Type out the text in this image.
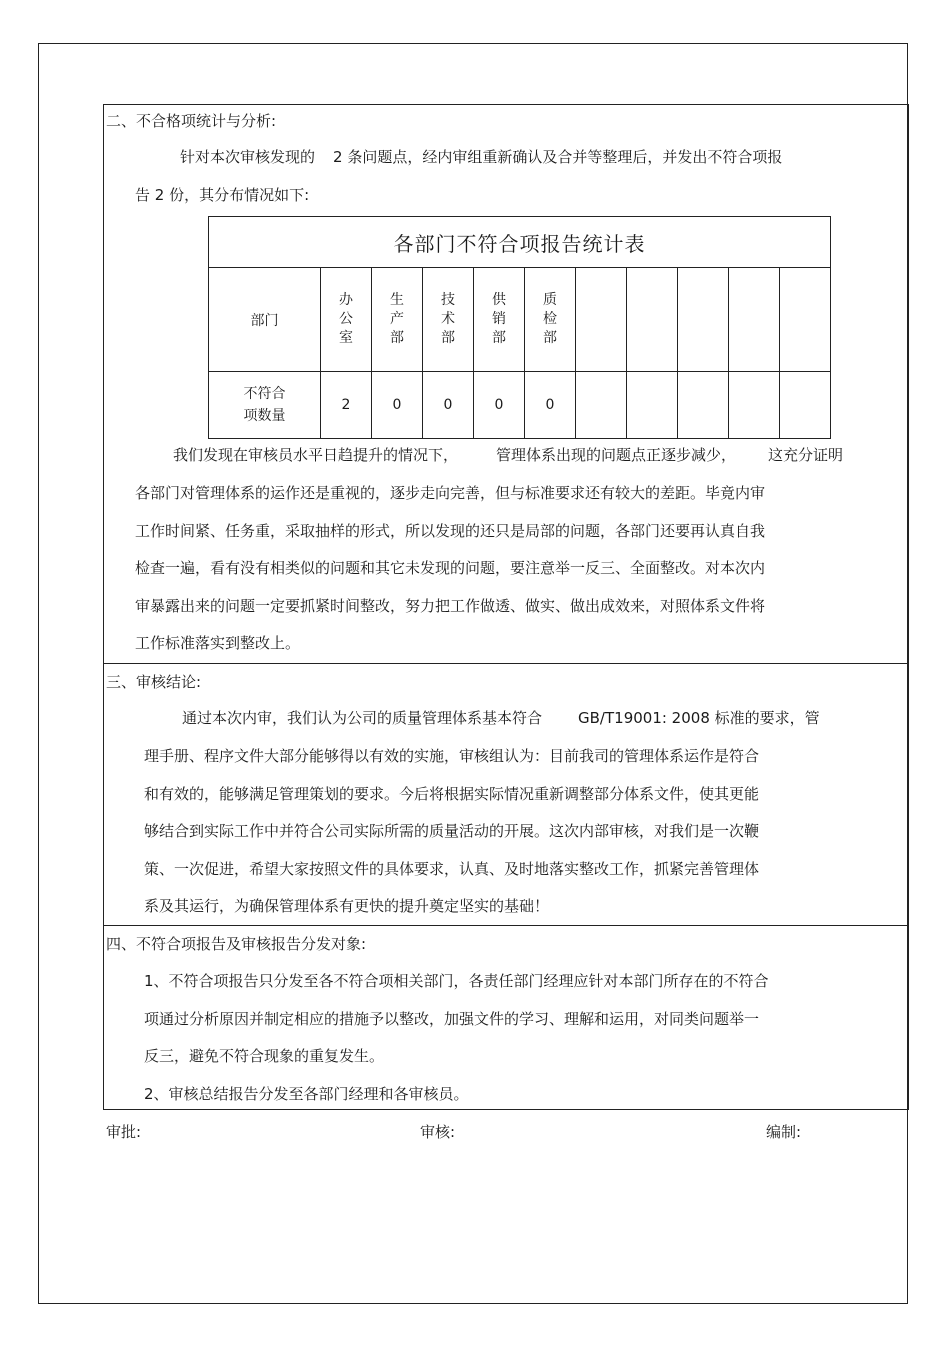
二、不合格项统计与分析:
针对本次审核发现的 2 条问题点，经内审组重新确认及合并等整理后，并发出不符合项报
告 2 份，其分布情况如下:
各部门不符合项报告统计表										
部门	办公室	生产部	技术部	供销部	质检部					
不符合
项数量	2	0	0	0	0					
我们发现在审核员水平日趋提升的情况下，	管理体系出现的问题点正逐步减少， 这充分证明
各部门对管理体系的运作还是重视的，逐步走向完善，但与标准要求还有较大的差距。毕竟内审
工作时间紧、任务重，采取抽样的形式，所以发现的还只是局部的问题，各部门还要再认真自我
检查一遍，看有没有相类似的问题和其它未发现的问题，要注意举一反三、全面整改。对本次内
审暴露出来的问题一定要抓紧时间整改，努力把工作做透、做实、做出成效来，对照体系文件将
工作标准落实到整改上。
三、审核结论:
通过本次内审，我们认为公司的质量管理体系基本符合 GB/T19001: 2008 标准的要求，管
理手册、程序文件大部分能够得以有效的实施，审核组认为：目前我司的管理体系运作是符合
和有效的，能够满足管理策划的要求。今后将根据实际情况重新调整部分体系文件，使其更能
够结合到实际工作中并符合公司实际所需的质量活动的开展。这次内部审核，对我们是一次鞭
策、一次促进，希望大家按照文件的具体要求，认真、及时地落实整改工作，抓紧完善管理体
系及其运行，为确保管理体系有更快的提升奠定坚实的基础！
四、不符合项报告及审核报告分发对象:
1、不符合项报告只分发至各不符合项相关部门，各责任部门经理应针对本部门所存在的不符合
项通过分析原因并制定相应的措施予以整改，加强文件的学习、理解和运用，对同类问题举一
反三，避免不符合现象的重复发生。
2、审核总结报告分发至各部门经理和各审核员。
审批:	审核:	编制:
